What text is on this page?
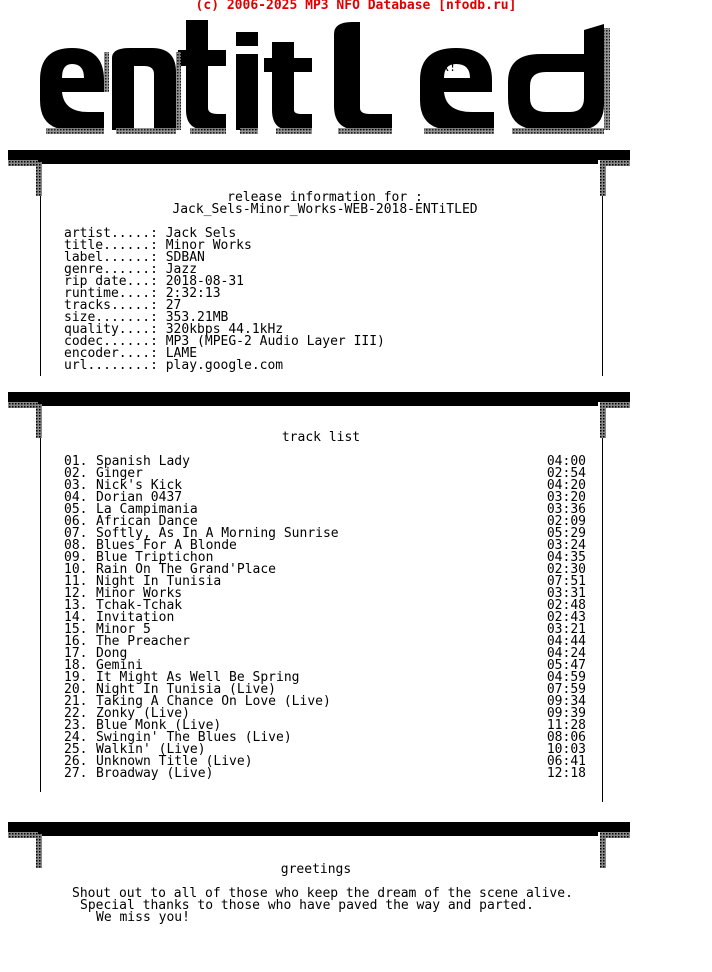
(c) 2006-2025 MP3 NFO Database [nfodb.ru]
hX!
release information for :
Jack_Sels-Minor_Works-WEB-2018-ENTiTLED
artist.....: Jack Sels
title......: Minor Works
label......: SDBAN
genre......: Jazz
rip date...: 2018-08-31
runtime....: 2:32:13
tracks.....: 27
size.......: 353.21MB
quality....: 320kbps 44.1kHz
codec......: MP3 (MPEG-2 Audio Layer III)
encoder....: LAME
url........: play.google.com
track list
01. Spanish Lady	04:00
02. Ginger	02:54
03. Nick's Kick	04:20
04. Dorian 0437	03:20
05. La Campimania	03:36
06. African Dance	02:09
07. Softly, As In A Morning Sunrise	05:29
08. Blues For A Blonde	03:24
09. Blue Triptichon	04:35
10. Rain On The Grand'Place	02:30
11. Night In Tunisia	07:51
12. Minor Works	03:31
13. Tchak-Tchak	02:48
14. Invitation	02:43
15. Minor 5	03:21
16. The Preacher	04:44
17. Dong	04:24
18. Gemini	05:47
19. It Might As Well Be Spring	04:59
20. Night In Tunisia (Live)	07:59
21. Taking A Chance On Love (Live)	09:34
22. Zonky (Live)	09:39
23. Blue Monk (Live)	11:28
24. Swingin' The Blues (Live)	08:06
25. Walkin' (Live)	10:03
26. Unknown Title (Live)	06:41
27. Broadway (Live)	12:18
greetings
Shout out to all of those who keep the dream of the scene alive.
Special thanks to those who have paved the way and parted.
We miss you!
